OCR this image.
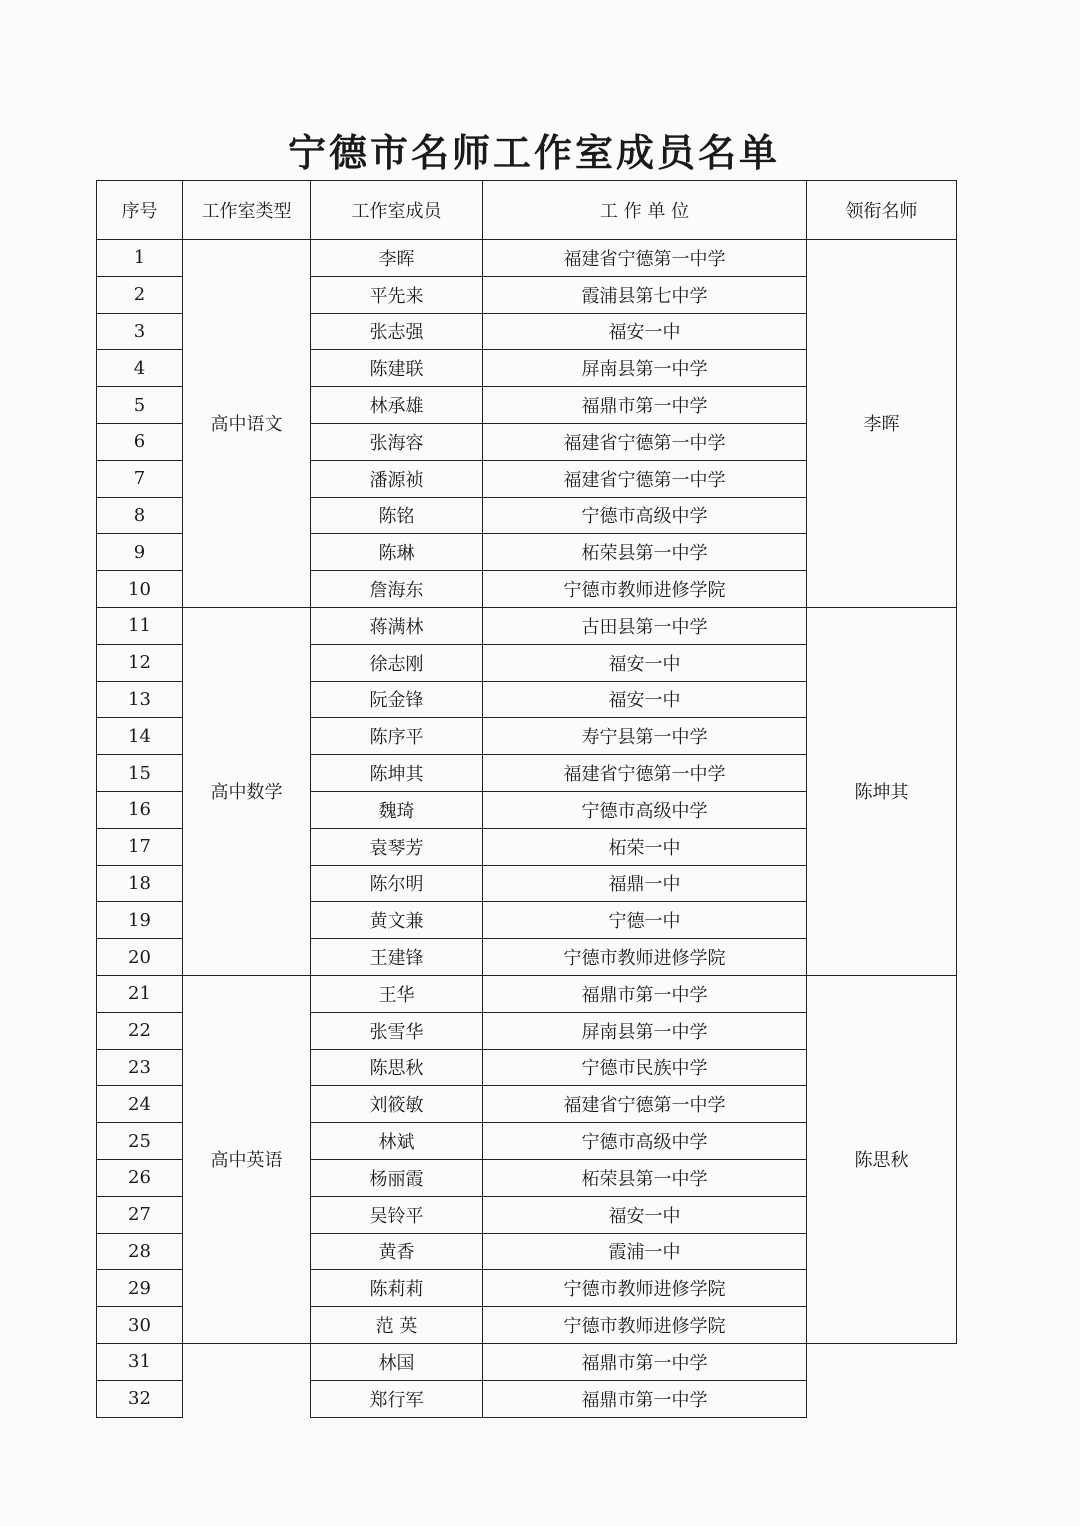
宁德市名师工作室成员名单
序号	工作室类型	工作室成员	工 作 单 位	领衔名师
1	高中语文	李晖	福建省宁德第一中学	李晖
2		平先来	霞浦县第七中学	
3		张志强	福安一中	
4		陈建联	屏南县第一中学	
5		林承雄	福鼎市第一中学	
6		张海容	福建省宁德第一中学	
7		潘源祯	福建省宁德第一中学	
8		陈铭	宁德市高级中学	
9		陈琳	柘荣县第一中学	
10		詹海东	宁德市教师进修学院	
11	高中数学	蒋满林	古田县第一中学	陈坤其
12		徐志刚	福安一中	
13		阮金锋	福安一中	
14		陈序平	寿宁县第一中学	
15		陈坤其	福建省宁德第一中学	
16		魏琦	宁德市高级中学	
17		袁琴芳	柘荣一中	
18		陈尔明	福鼎一中	
19		黄文兼	宁德一中	
20		王建锋	宁德市教师进修学院	
21	高中英语	王华	福鼎市第一中学	陈思秋
22		张雪华	屏南县第一中学	
23		陈思秋	宁德市民族中学	
24		刘筱敏	福建省宁德第一中学	
25		林斌	宁德市高级中学	
26		杨丽霞	柘荣县第一中学	
27		吴铃平	福安一中	
28		黄香	霞浦一中	
29		陈莉莉	宁德市教师进修学院	
30		范 英	宁德市教师进修学院	
31		林国	福鼎市第一中学	
32		郑行军	福鼎市第一中学	
